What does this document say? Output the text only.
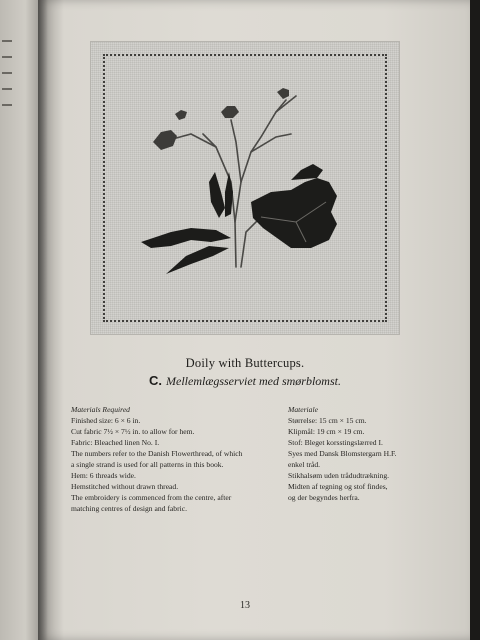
Doily with Buttercups.
C. Mellemlægsserviet med smørblomst.
Materials Required
Finished size: 6 × 6 in.
Cut fabric 7½ × 7½ in. to allow for hem.
Fabric: Bleached linen No. I.
The numbers refer to the Danish Flowerthread, of which
a single strand is used for all patterns in this book.
Hem: 6 threads wide.
Hemstitched without drawn thread.
The embroidery is commenced from the centre, after
matching centres of design and fabric.
Materiale
Størrelse: 15 cm × 15 cm.
Klipmål: 19 cm × 19 cm.
Stof: Bleget korsstingslærred I.
Syes med Dansk Blomstergarn H.F.
enkel tråd.
Stikhalsøm uden trådudtrækning.
Midten af tegning og stof findes,
og der begyndes herfra.
13
